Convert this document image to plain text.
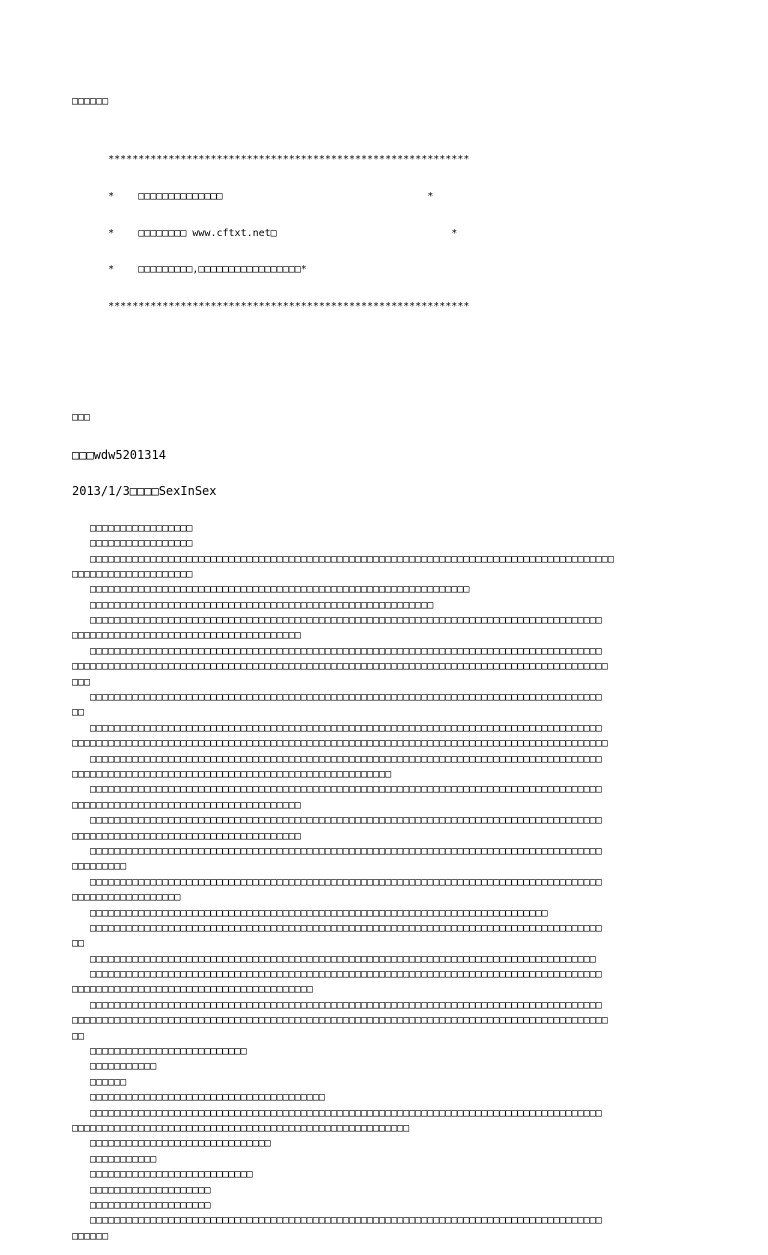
□□□□□□

************************************************************

*    □□□□□□□□□□□□□□                                  *

*    □□□□□□□□ www.cftxt.net□                             *

*    □□□□□□□□□,□□□□□□□□□□□□□□□□□*

************************************************************

□□□

□□□wdw5201314

2013/1/3□□□□SexInSex

□□□□□□□□□□□□□□□□□
□□□□□□□□□□□□□□□□□
□□□□□□□□□□□□□□□□□□□□□□□□□□□□□□□□□□□□□□□□□□□□□□□□□□□□□□□□□□□□□□□□□□□□□□□□□□□□□□□□□□□□□□□
□□□□□□□□□□□□□□□□□□□□
□□□□□□□□□□□□□□□□□□□□□□□□□□□□□□□□□□□□□□□□□□□□□□□□□□□□□□□□□□□□□□□
□□□□□□□□□□□□□□□□□□□□□□□□□□□□□□□□□□□□□□□□□□□□□□□□□□□□□□□□□
□□□□□□□□□□□□□□□□□□□□□□□□□□□□□□□□□□□□□□□□□□□□□□□□□□□□□□□□□□□□□□□□□□□□□□□□□□□□□□□□□□□□□
□□□□□□□□□□□□□□□□□□□□□□□□□□□□□□□□□□□□□□
□□□□□□□□□□□□□□□□□□□□□□□□□□□□□□□□□□□□□□□□□□□□□□□□□□□□□□□□□□□□□□□□□□□□□□□□□□□□□□□□□□□□□
□□□□□□□□□□□□□□□□□□□□□□□□□□□□□□□□□□□□□□□□□□□□□□□□□□□□□□□□□□□□□□□□□□□□□□□□□□□□□□□□□□□□□□□□□
□□□
□□□□□□□□□□□□□□□□□□□□□□□□□□□□□□□□□□□□□□□□□□□□□□□□□□□□□□□□□□□□□□□□□□□□□□□□□□□□□□□□□□□□□
□□
□□□□□□□□□□□□□□□□□□□□□□□□□□□□□□□□□□□□□□□□□□□□□□□□□□□□□□□□□□□□□□□□□□□□□□□□□□□□□□□□□□□□□
□□□□□□□□□□□□□□□□□□□□□□□□□□□□□□□□□□□□□□□□□□□□□□□□□□□□□□□□□□□□□□□□□□□□□□□□□□□□□□□□□□□□□□□□□
□□□□□□□□□□□□□□□□□□□□□□□□□□□□□□□□□□□□□□□□□□□□□□□□□□□□□□□□□□□□□□□□□□□□□□□□□□□□□□□□□□□□□
□□□□□□□□□□□□□□□□□□□□□□□□□□□□□□□□□□□□□□□□□□□□□□□□□□□□□
□□□□□□□□□□□□□□□□□□□□□□□□□□□□□□□□□□□□□□□□□□□□□□□□□□□□□□□□□□□□□□□□□□□□□□□□□□□□□□□□□□□□□
□□□□□□□□□□□□□□□□□□□□□□□□□□□□□□□□□□□□□□
□□□□□□□□□□□□□□□□□□□□□□□□□□□□□□□□□□□□□□□□□□□□□□□□□□□□□□□□□□□□□□□□□□□□□□□□□□□□□□□□□□□□□
□□□□□□□□□□□□□□□□□□□□□□□□□□□□□□□□□□□□□□
□□□□□□□□□□□□□□□□□□□□□□□□□□□□□□□□□□□□□□□□□□□□□□□□□□□□□□□□□□□□□□□□□□□□□□□□□□□□□□□□□□□□□
□□□□□□□□□
□□□□□□□□□□□□□□□□□□□□□□□□□□□□□□□□□□□□□□□□□□□□□□□□□□□□□□□□□□□□□□□□□□□□□□□□□□□□□□□□□□□□□
□□□□□□□□□□□□□□□□□□
□□□□□□□□□□□□□□□□□□□□□□□□□□□□□□□□□□□□□□□□□□□□□□□□□□□□□□□□□□□□□□□□□□□□□□□□□□□□
□□□□□□□□□□□□□□□□□□□□□□□□□□□□□□□□□□□□□□□□□□□□□□□□□□□□□□□□□□□□□□□□□□□□□□□□□□□□□□□□□□□□□
□□
□□□□□□□□□□□□□□□□□□□□□□□□□□□□□□□□□□□□□□□□□□□□□□□□□□□□□□□□□□□□□□□□□□□□□□□□□□□□□□□□□□□□
□□□□□□□□□□□□□□□□□□□□□□□□□□□□□□□□□□□□□□□□□□□□□□□□□□□□□□□□□□□□□□□□□□□□□□□□□□□□□□□□□□□□□
□□□□□□□□□□□□□□□□□□□□□□□□□□□□□□□□□□□□□□□□
□□□□□□□□□□□□□□□□□□□□□□□□□□□□□□□□□□□□□□□□□□□□□□□□□□□□□□□□□□□□□□□□□□□□□□□□□□□□□□□□□□□□□
□□□□□□□□□□□□□□□□□□□□□□□□□□□□□□□□□□□□□□□□□□□□□□□□□□□□□□□□□□□□□□□□□□□□□□□□□□□□□□□□□□□□□□□□□
□□
□□□□□□□□□□□□□□□□□□□□□□□□□□
□□□□□□□□□□□
□□□□□□
□□□□□□□□□□□□□□□□□□□□□□□□□□□□□□□□□□□□□□□
□□□□□□□□□□□□□□□□□□□□□□□□□□□□□□□□□□□□□□□□□□□□□□□□□□□□□□□□□□□□□□□□□□□□□□□□□□□□□□□□□□□□□
□□□□□□□□□□□□□□□□□□□□□□□□□□□□□□□□□□□□□□□□□□□□□□□□□□□□□□□□
□□□□□□□□□□□□□□□□□□□□□□□□□□□□□□
□□□□□□□□□□□
□□□□□□□□□□□□□□□□□□□□□□□□□□□
□□□□□□□□□□□□□□□□□□□□
□□□□□□□□□□□□□□□□□□□□
□□□□□□□□□□□□□□□□□□□□□□□□□□□□□□□□□□□□□□□□□□□□□□□□□□□□□□□□□□□□□□□□□□□□□□□□□□□□□□□□□□□□□
□□□□□□
